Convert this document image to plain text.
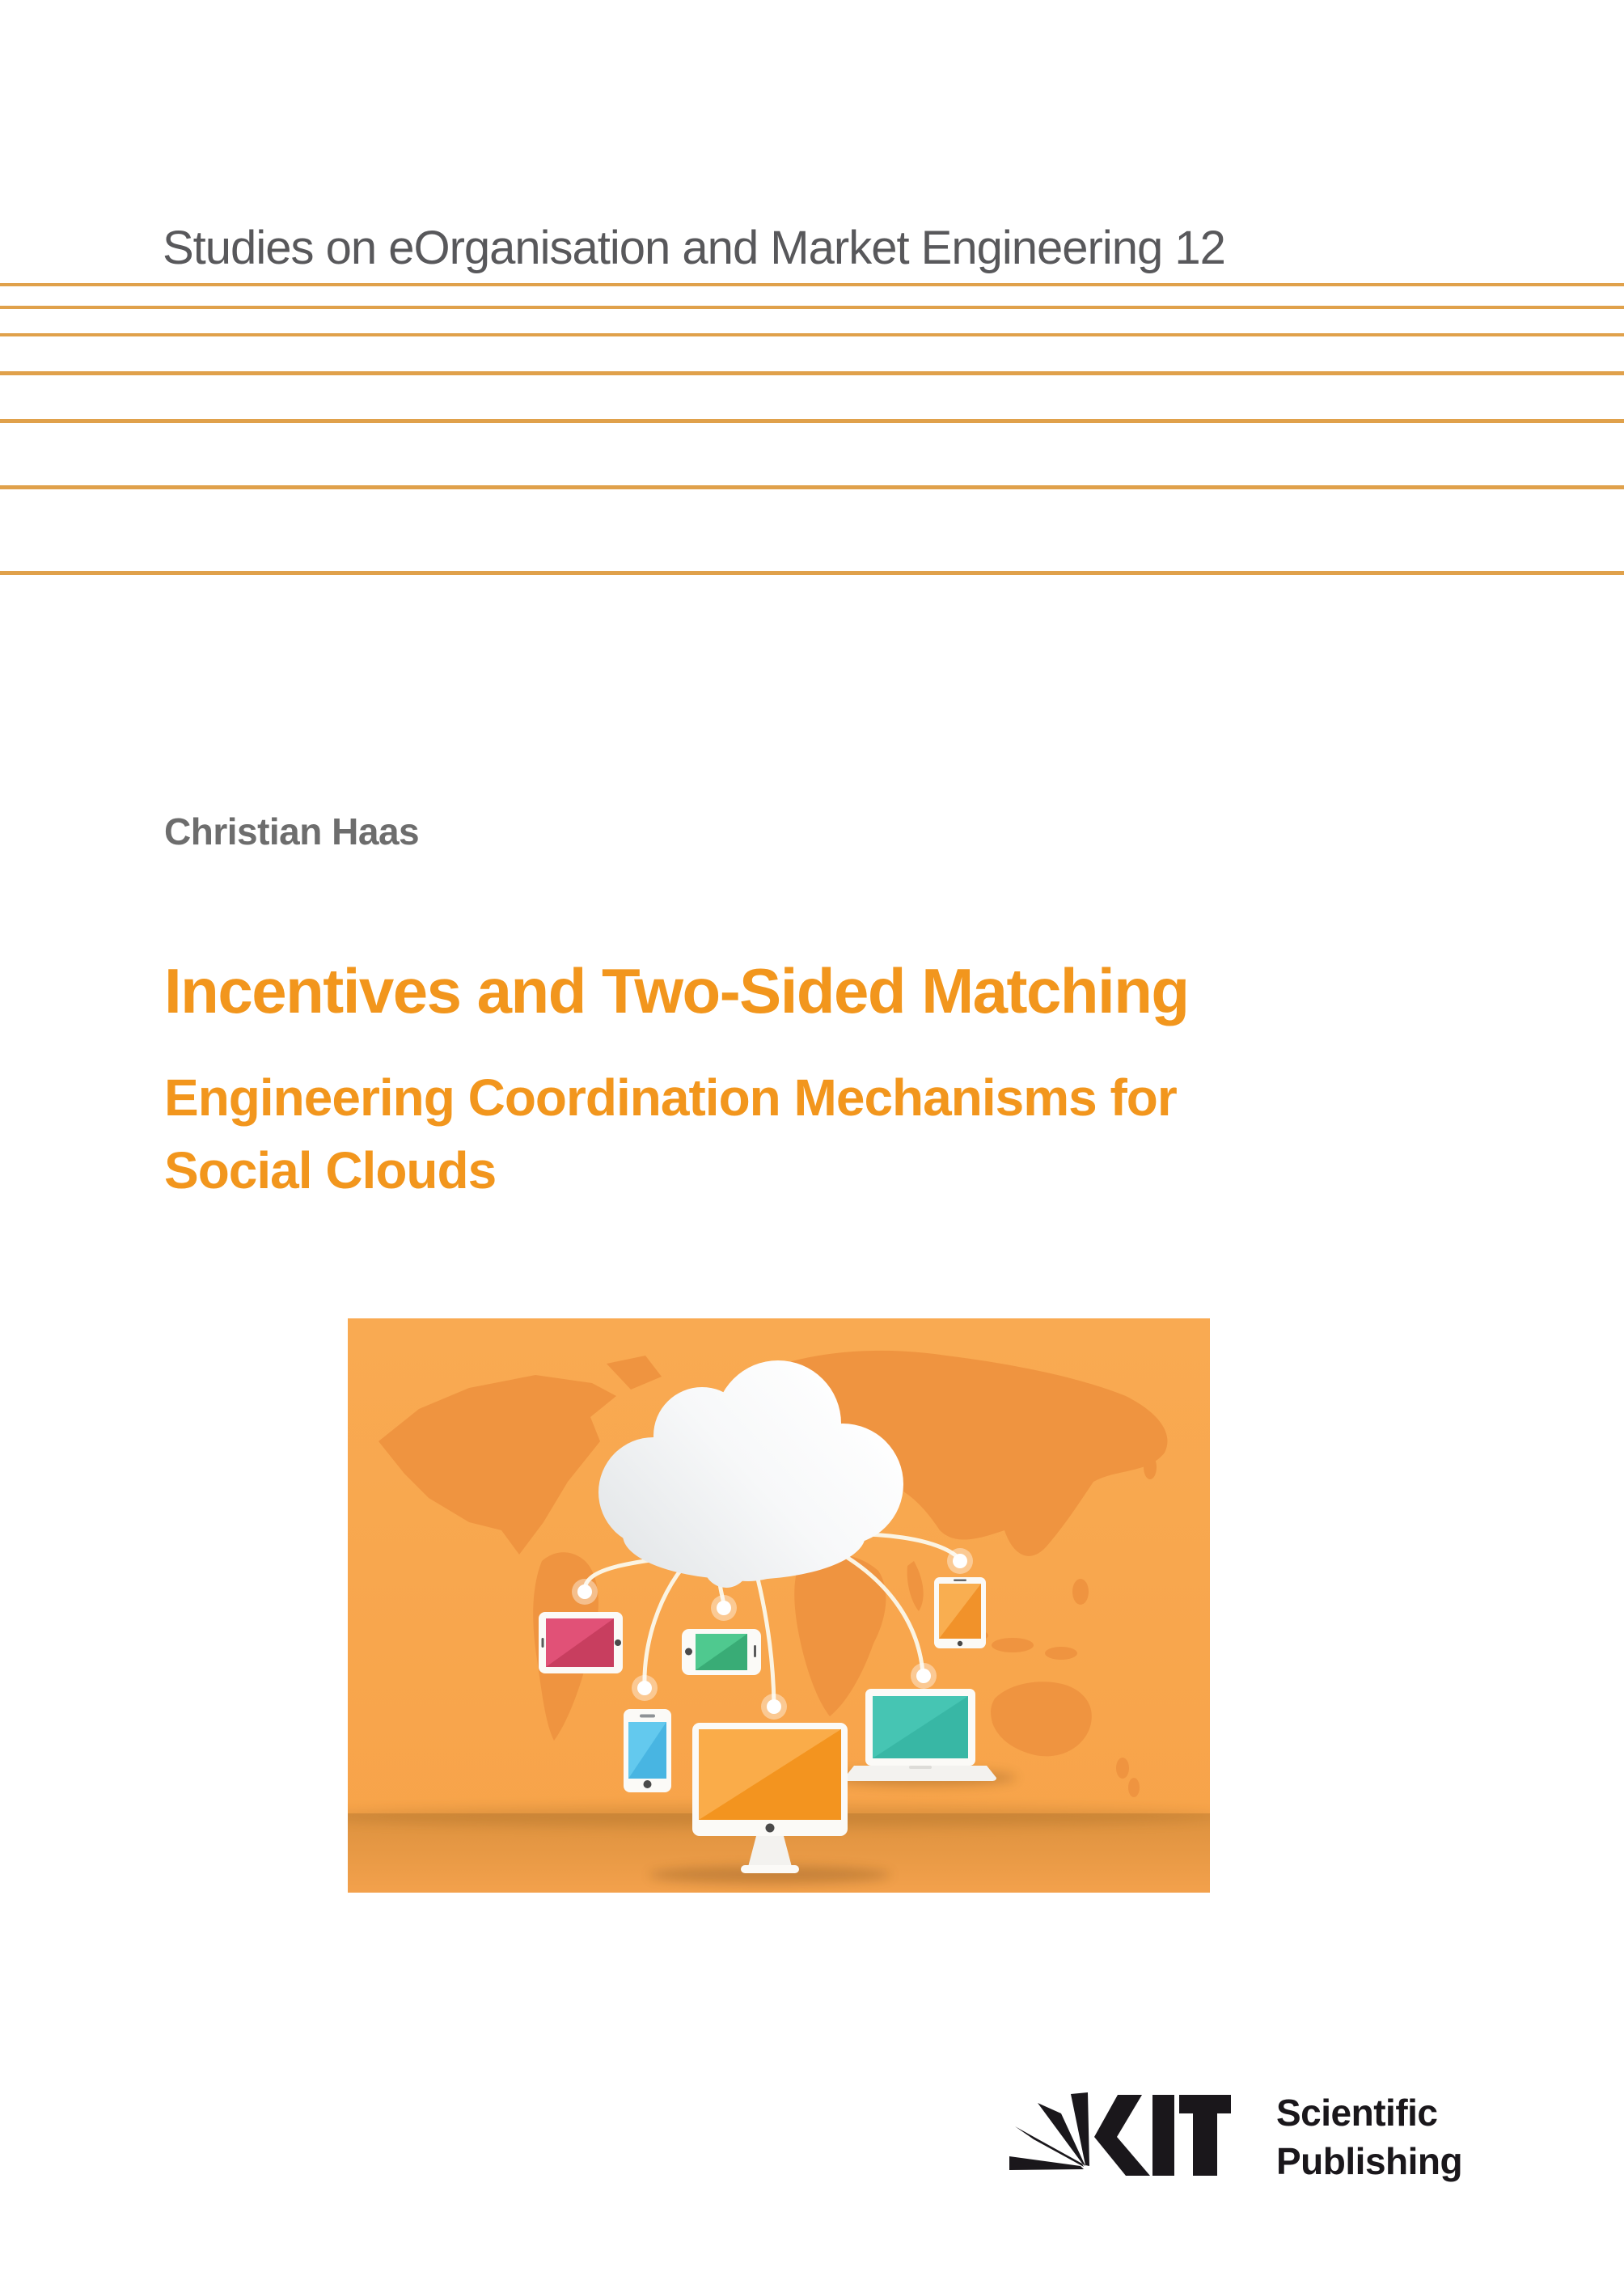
Studies on eOrganisation and Market Engineering 12
Christian Haas
Incentives and Two-Sided Matching
Engineering Coordination Mechanisms for
Social Clouds
Scientific
Publishing
